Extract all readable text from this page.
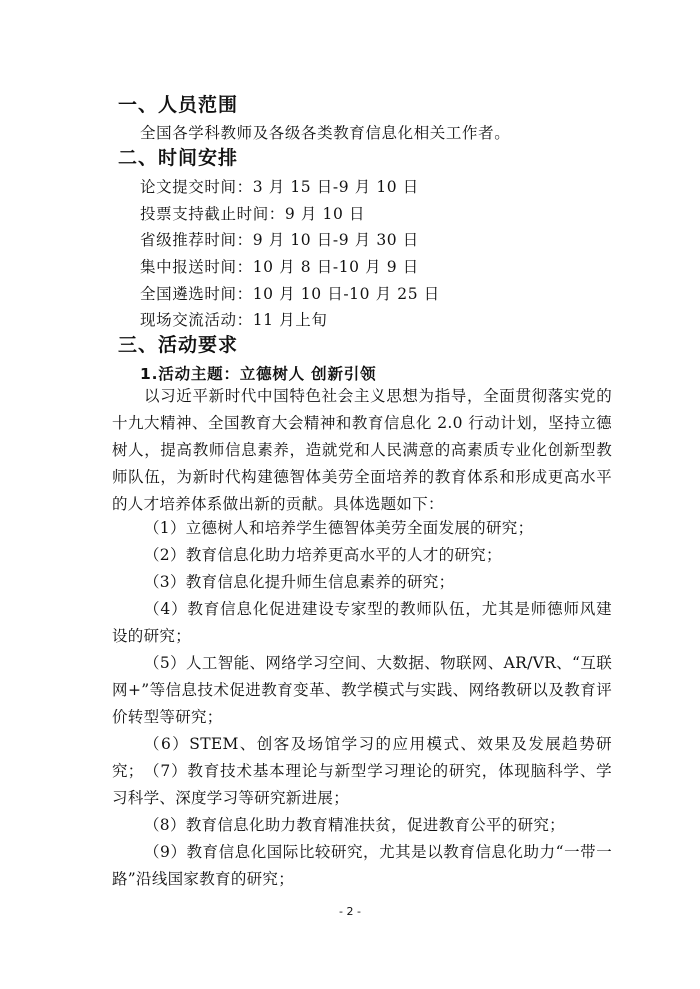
一、人员范围
全国各学科教师及各级各类教育信息化相关工作者。
二、时间安排
论文提交时间：3 月 15 日-9 月 10 日
投票支持截止时间：9 月 10 日
省级推荐时间：9 月 10 日-9 月 30 日
集中报送时间：10 月 8 日-10 月 9 日
全国遴选时间：10 月 10 日-10 月 25 日
现场交流活动：11 月上旬
三、活动要求
1.活动主题：立德树人 创新引领
以习近平新时代中国特色社会主义思想为指导，全面贯彻落实党的十九大精神、全国教育大会精神和教育信息化 2.0 行动计划，坚持立德树人，提高教师信息素养，造就党和人民满意的高素质专业化创新型教师队伍，为新时代构建德智体美劳全面培养的教育体系和形成更高水平的人才培养体系做出新的贡献。具体选题如下：
（1）立德树人和培养学生德智体美劳全面发展的研究；
（2）教育信息化助力培养更高水平的人才的研究；
（3）教育信息化提升师生信息素养的研究；
（4）教育信息化促进建设专家型的教师队伍，尤其是师德师风建设的研究；
（5）人工智能、网络学习空间、大数据、物联网、AR/VR、“互联网+”等信息技术促进教育变革、教学模式与实践、网络教研以及教育评价转型等研究；
（6）STEM、创客及场馆学习的应用模式、效果及发展趋势研究； （7）教育技术基本理论与新型学习理论的研究，体现脑科学、学习科学、深度学习等研究新进展；
（8）教育信息化助力教育精准扶贫，促进教育公平的研究；
（9）教育信息化国际比较研究，尤其是以教育信息化助力“一带一路”沿线国家教育的研究；
- 2 -
